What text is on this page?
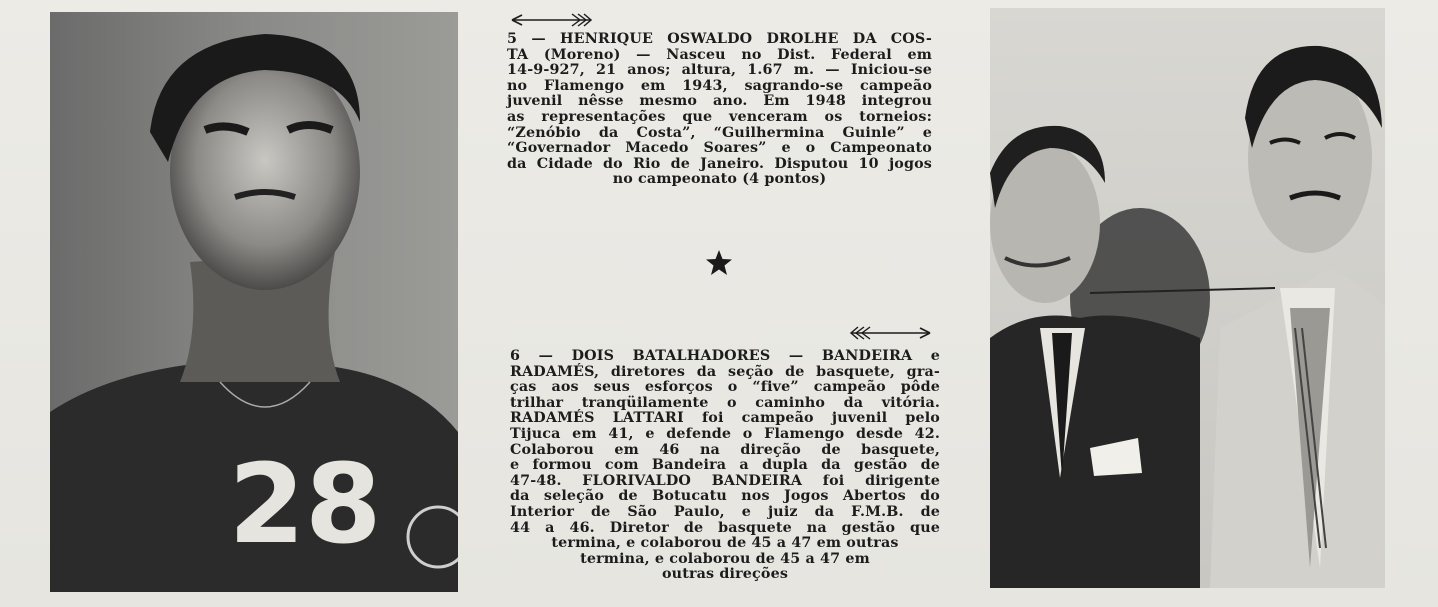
28
5 — HENRIQUE OSWALDO DROLHE DA COS-
TA (Moreno) — Nasceu no Dist. Federal em
14-9-927, 21 anos; altura, 1.67 m. — Iniciou-se
no Flamengo em 1943, sagrando-se campeão
juvenil nêsse mesmo ano. Em 1948 integrou
as representações que venceram os torneios:
“Zenóbio da Costa”, “Guilhermina Guinle” e
“Governador Macedo Soares” e o Campeonato
da Cidade do Rio de Janeiro. Disputou 10 jogos
no campeonato (4 pontos)
6 — DOIS BATALHADORES — BANDEIRA e
RADAMÉS, diretores da seção de basquete, gra-
ças aos seus esforços o “five” campeão pôde
trilhar tranqüilamente o caminho da vitória.
RADAMÉS LATTARI foi campeão juvenil pelo
Tijuca em 41, e defende o Flamengo desde 42.
Colaborou em 46 na direção de basquete,
e formou com Bandeira a dupla da gestão de
47-48. FLORIVALDO BANDEIRA foi dirigente
da seleção de Botucatu nos Jogos Abertos do
Interior de São Paulo, e juiz da F.M.B. de
44 a 46. Diretor de basquete na gestão que
termina, e colaborou de 45 a 47 em outras
termina, e colaborou de 45 a 47 em
outras direções
